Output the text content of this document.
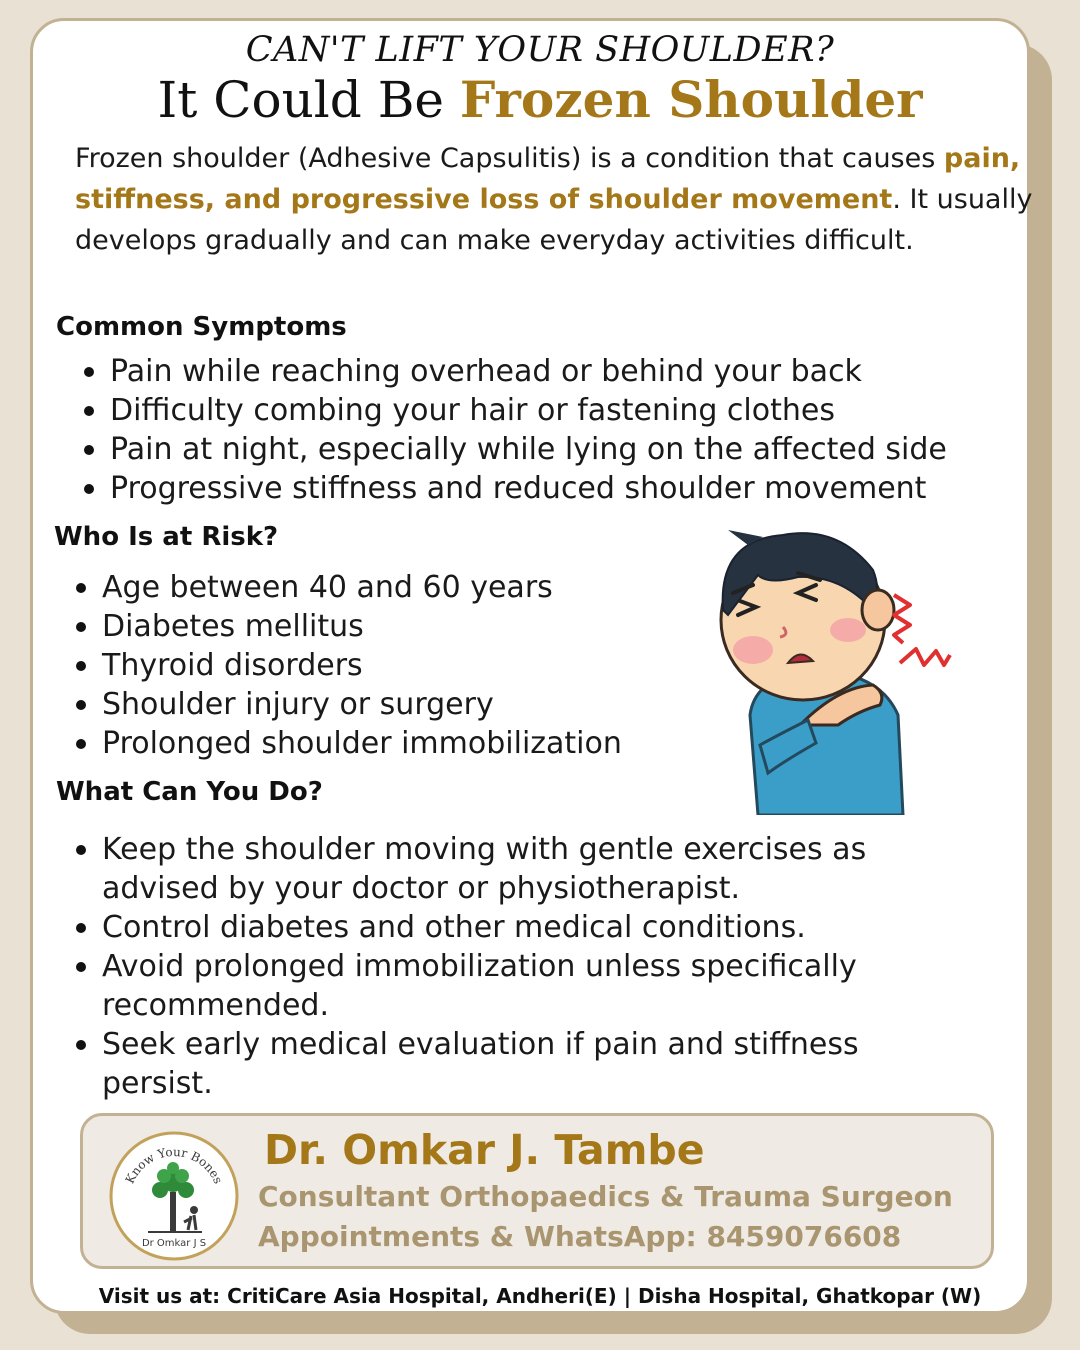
CAN'T LIFT YOUR SHOULDER?
It Could Be Frozen Shoulder
Frozen shoulder (Adhesive Capsulitis) is a condition that causes pain, stiffness, and progressive loss of shoulder movement. It usually develops gradually and can make everyday activities difficult.
Common Symptoms
Pain while reaching overhead or behind your back
Difficulty combing your hair or fastening clothes
Pain at night, especially while lying on the affected side
Progressive stiffness and reduced shoulder movement
Who Is at Risk?
Age between 40 and 60 years
Diabetes mellitus
Thyroid disorders
Shoulder injury or surgery
Prolonged shoulder immobilization
What Can You Do?
Keep the shoulder moving with gentle exercises as advised by your doctor or physiotherapist.
Control diabetes and other medical conditions.
Avoid prolonged immobilization unless specifically recommended.
Seek early medical evaluation if pain and stiffness persist.
Know Your Bones
Dr Omkar J S
Dr. Omkar J. Tambe
Consultant Orthopaedics & Trauma Surgeon
Appointments & WhatsApp: 8459076608
Visit us at: CritiCare Asia Hospital, Andheri(E) | Disha Hospital, Ghatkopar (W)
